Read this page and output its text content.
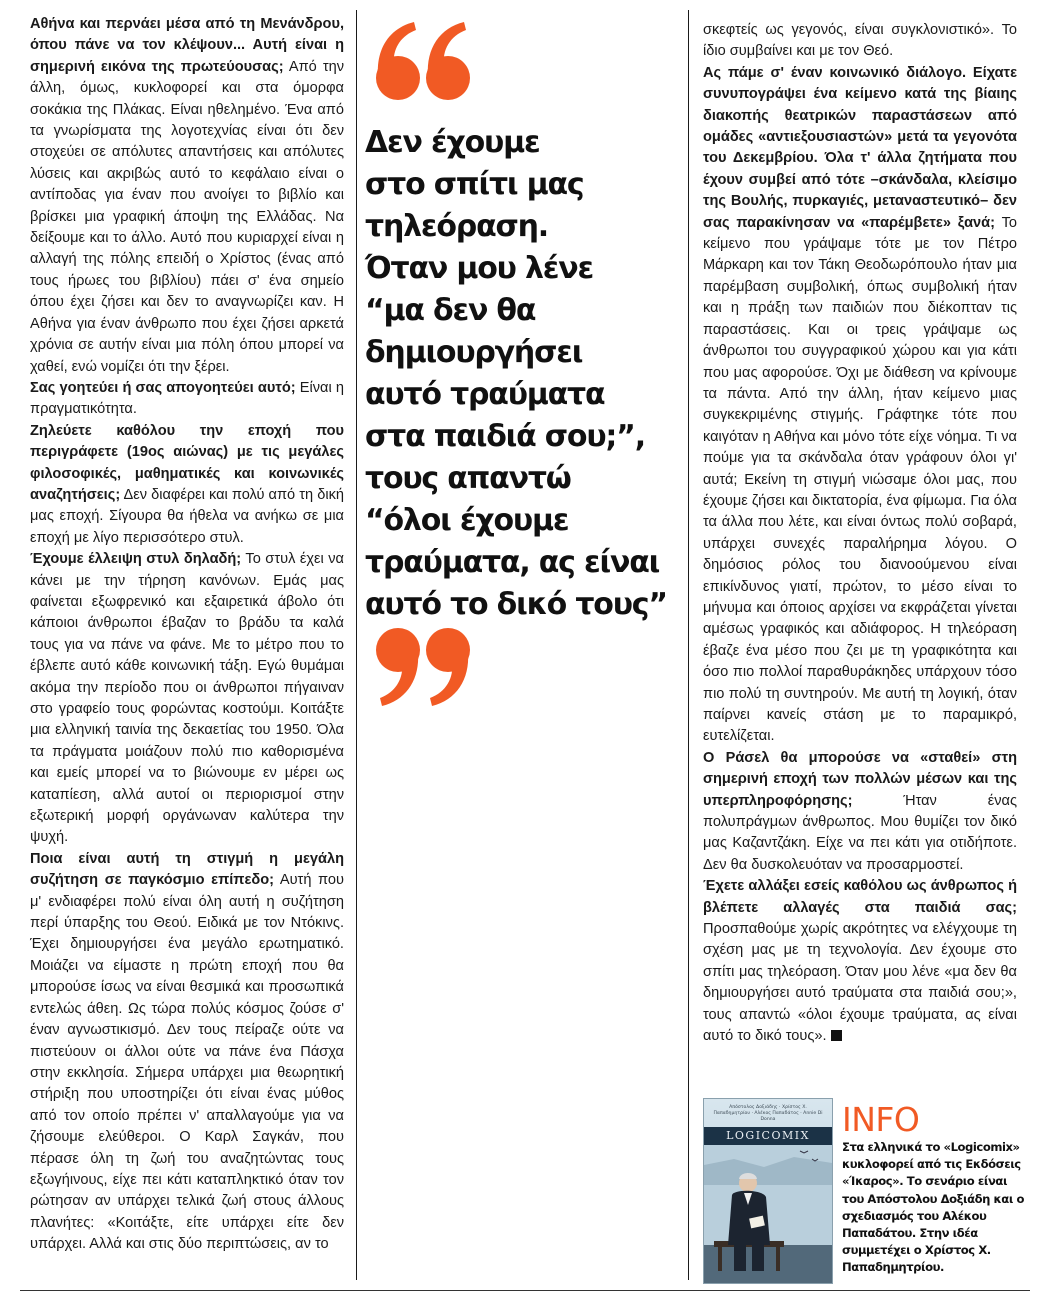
Αθήνα και περνάει μέσα από τη Μενάνδρου, όπου πάνε να τον κλέψουν... Αυτή είναι η σημερινή εικόνα της πρωτεύουσας; Από την άλλη, όμως, κυκλοφορεί και στα όμορφα σοκάκια της Πλάκας. Είναι ηθελημένο. Ένα από τα γνωρίσματα της λογοτεχνίας είναι ότι δεν στοχεύει σε απόλυτες απαντήσεις και απόλυτες λύσεις και ακριβώς αυτό το κεφάλαιο είναι ο αντίποδας για έναν που ανοίγει το βιβλίο και βρίσκει μια γραφική άποψη της Ελλάδας. Να δείξουμε και το άλλο. Αυτό που κυριαρχεί είναι η αλλαγή της πόλης επειδή ο Χρίστος (ένας από τους ήρωες του βιβλίου) πάει σ' ένα σημείο όπου έχει ζήσει και δεν το αναγνωρίζει καν. Η Αθήνα για έναν άνθρωπο που έχει ζήσει αρκετά χρόνια σε αυτήν είναι μια πόλη όπου μπορεί να χαθεί, ενώ νομίζει ότι την ξέρει.
Σας γοητεύει ή σας απογοητεύει αυτό; Είναι η πραγματικότητα.
Ζηλεύετε καθόλου την εποχή που περιγράφετε (19ος αιώνας) με τις μεγάλες φιλοσοφικές, μαθηματικές και κοινωνικές αναζητήσεις; Δεν διαφέρει και πολύ από τη δική μας εποχή. Σίγουρα θα ήθελα να ανήκω σε μια εποχή με λίγο περισσότερο στυλ.
Έχουμε έλλειψη στυλ δηλαδή; Το στυλ έχει να κάνει με την τήρηση κανόνων. Εμάς μας φαίνεται εξωφρενικό και εξαιρετικά άβολο ότι κάποιοι άνθρωποι έβαζαν το βράδυ τα καλά τους για να πάνε να φάνε. Με το μέτρο που το έβλεπε αυτό κάθε κοινωνική τάξη. Εγώ θυμάμαι ακόμα την περίοδο που οι άνθρωποι πήγαιναν στο γραφείο τους φορώντας κοστούμι. Κοιτάξτε μια ελληνική ταινία της δεκαετίας του 1950. Όλα τα πράγματα μοιάζουν πολύ πιο καθορισμένα και εμείς μπορεί να το βιώνουμε εν μέρει ως καταπίεση, αλλά αυτοί οι περιορισμοί στην εξωτερική μορφή οργάνωναν καλύτερα την ψυχή.
Ποια είναι αυτή τη στιγμή η μεγάλη συζήτηση σε παγκόσμιο επίπεδο; Αυτή που μ' ενδιαφέρει πολύ είναι όλη αυτή η συζήτηση περί ύπαρξης του Θεού. Ειδικά με τον Ντόκινς. Έχει δημιουργήσει ένα μεγάλο ερωτηματικό. Μοιάζει να είμαστε η πρώτη εποχή που θα μπορούσε ίσως να είναι θεσμικά και προσωπικά εντελώς άθεη. Ως τώρα πολύς κόσμος ζούσε σ' έναν αγνωστικισμό. Δεν τους πείραζε ούτε να πιστεύουν οι άλλοι ούτε να πάνε ένα Πάσχα στην εκκλησία. Σήμερα υπάρχει μια θεωρητική στήριξη που υποστηρίζει ότι είναι ένας μύθος από τον οποίο πρέπει ν' απαλλαγούμε για να ζήσουμε ελεύθεροι. Ο Καρλ Σαγκάν, που πέρασε όλη τη ζωή του αναζητώντας τους εξωγήινους, είχε πει κάτι καταπληκτικό όταν τον ρώτησαν αν υπάρχει τελικά ζωή στους άλλους πλανήτες: «Κοιτάξτε, είτε υπάρχει είτε δεν υπάρχει. Αλλά και στις δύο περιπτώσεις, αν το

Δεν έχουμε

στο σπίτι μας

τηλεόραση.

Όταν μου λένε

“μα δεν θα

δημιουργήσει

αυτό τραύματα

στα παιδιά σου;”,

τους απαντώ

“όλοι έχουμε

τραύματα, ας είναι

αυτό το δικό τους”

σκεφτείς ως γεγονός, είναι συγκλονιστικό». Το ίδιο συμβαίνει και με τον Θεό.
Ας πάμε σ' έναν κοινωνικό διάλογο. Είχατε συνυπογράψει ένα κείμενο κατά της βίαιης διακοπής θεατρικών παραστάσεων από ομάδες «αντιεξουσιαστών» μετά τα γεγονότα του Δεκεμβρίου. Όλα τ' άλλα ζητήματα που έχουν συμβεί από τότε –σκάνδαλα, κλείσιμο της Βουλής, πυρκαγιές, μεταναστευτικό– δεν σας παρακίνησαν να «παρέμβετε» ξανά; Το κείμενο που γράψαμε τότε με τον Πέτρο Μάρκαρη και τον Τάκη Θεοδωρόπουλο ήταν μια παρέμβαση συμβολική, όπως συμβολική ήταν και η πράξη των παιδιών που διέκοπταν τις παραστάσεις. Και οι τρεις γράψαμε ως άνθρωποι του συγγραφικού χώρου και για κάτι που μας αφορούσε. Όχι με διάθεση να κρίνουμε τα πάντα. Από την άλλη, ήταν κείμενο μιας συγκεκριμένης στιγμής. Γράφτηκε τότε που καιγόταν η Αθήνα και μόνο τότε είχε νόημα. Τι να πούμε για τα σκάνδαλα όταν γράφουν όλοι γι' αυτά; Εκείνη τη στιγμή νιώσαμε όλοι μας, που έχουμε ζήσει και δικτατορία, ένα φίμωμα. Για όλα τα άλλα που λέτε, και είναι όντως πολύ σοβαρά, υπάρχει συνεχές παραλήρημα λόγου. Ο δημόσιος ρόλος του διανοούμενου είναι επικίνδυνος γιατί, πρώτον, το μέσο είναι το μήνυμα και όποιος αρχίσει να εκφράζεται γίνεται αμέσως γραφικός και αδιάφορος. Η τηλεόραση έβαζε ένα μέσο που ζει με τη γραφικότητα και όσο πιο πολλοί παραθυράκηδες υπάρχουν τόσο πιο πολύ τη συντηρούν. Με αυτή τη λογική, όταν παίρνει κανείς στάση με το παραμικρό, ευτελίζεται.
Ο Ράσελ θα μπορούσε να «σταθεί» στη σημερινή εποχή των πολλών μέσων και της υπερπληροφόρησης; Ήταν ένας πολυπράγμων άνθρωπος. Μου θυμίζει τον δικό μας Καζαντζάκη. Είχε να πει κάτι για οτιδήποτε. Δεν θα δυσκολευόταν να προσαρμοστεί.
Έχετε αλλάξει εσείς καθόλου ως άνθρωπος ή βλέπετε αλλαγές στα παιδιά σας; Προσπαθούμε χωρίς ακρότητες να ελέγχουμε τη σχέση μας με τη τεχνολογία. Δεν έχουμε στο σπίτι μας τηλεόραση. Όταν μου λένε «μα δεν θα δημιουργήσει αυτό τραύματα στα παιδιά σου;», τους απαντώ «όλοι έχουμε τραύματα, ας είναι αυτό το δικό τους».
Απόστολος Δοξιάδης · Χρίστος Χ. Παπαδημητρίου · Αλέκος Παπαδάτος · Annie Di Donna
LOGICOMIX INFO
Στα ελληνικά το «Logicomix» κυκλοφορεί από τις Εκδόσεις «Ίκαρος». Το σενάριο είναι του Απόστολου Δοξιάδη και ο σχεδιασμός του Αλέκου Παπαδάτου. Στην ιδέα συμμετέχει ο Χρίστος Χ. Παπαδημητρίου.
